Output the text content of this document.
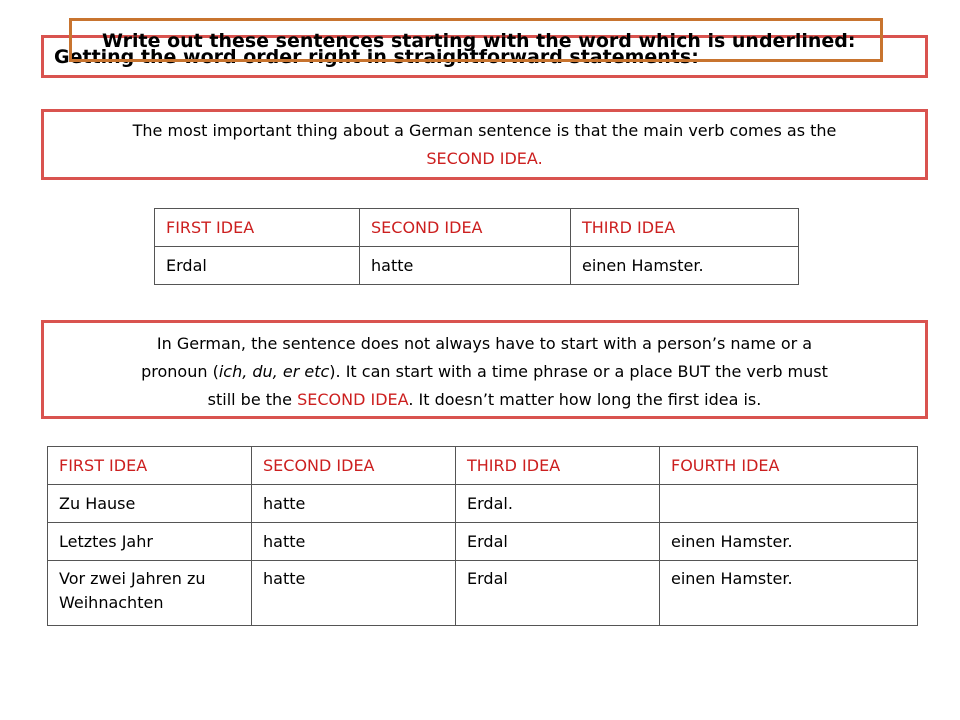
Getting the word order right in straightforward statements:
Write out these sentences starting with the word which is underlined:
The most important thing about a German sentence is that the main verb comes as the
SECOND IDEA.
FIRST IDEA	SECOND IDEA	THIRD IDEA
Erdal	hatte	einen Hamster.
In German, the sentence does not always have to start with a person’s name or a
pronoun (ich, du, er etc). It can start with a time phrase or a place BUT the verb must
still be the SECOND IDEA. It doesn’t matter how long the first idea is.
FIRST IDEA	SECOND IDEA	THIRD IDEA	FOURTH IDEA
Zu Hause	hatte	Erdal.	
Letztes Jahr	hatte	Erdal	einen Hamster.
Vor zwei Jahren zu Weihnachten	hatte	Erdal	einen Hamster.
